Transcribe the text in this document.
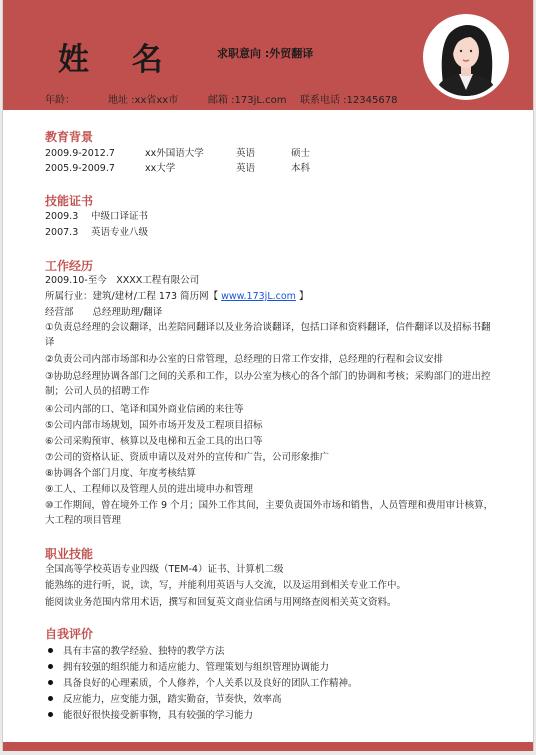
姓 名	求职意向 :外贸翻译
年龄：	地址 :xx省xx市	邮箱 :173jL.com 联系电话 :12345678
教育背景
2009.9-2012.7	xx外国语大学	英语	硕士
2005.9-2009.7	xx大学	英语	本科
技能证书
2009.3 中级口译证书
2007.3 英语专业八级
工作经历
2009.10-至今　XXXX工程有限公司
所属行业：建筑/建材/工程 173 简历网【 www.173jL.com 】
经营部　　总经理助理/翻译
①负责总经理的会议翻译，出差陪同翻译以及业务洽谈翻译，包括口译和资料翻译，信件翻译以及招标书翻译
②负责公司内部市场部和办公室的日常管理，总经理的日常工作安排，总经理的行程和会议安排
③协助总经理协调各部门之间的关系和工作，以办公室为核心的各个部门的协调和考核；采购部门的进出控制；公司人员的招聘工作
④公司内部的口、笔译和国外商业信函的来往等
⑤公司内部市场规划，国外市场开发及工程项目招标
⑥公司采购预审、核算以及电梯和五金工具的出口等
⑦公司的资格认证、资质申请以及对外的宣传和广告，公司形象推广
⑧协调各个部门月度、年度考核结算
⑨工人、工程师以及管理人员的进出境申办和管理
⑩工作期间，曾在境外工作 9 个月；国外工作其间，主要负责国外市场和销售，人员管理和费用审计核算，大工程的项目管理
职业技能
全国高等学校英语专业四级（TEM-4）证书、计算机二级
能熟练的进行听，说，读，写，并能利用英语与人交流，以及运用到相关专业工作中。
能阅读业务范围内常用术语，撰写和回复英文商业信函与用网络查阅相关英文资料。
自我评价
具有丰富的教学经验、独特的教学方法
拥有较强的组织能力和适应能力、管理策划与组织管理协调能力
具备良好的心理素质，个人修养，个人关系以及良好的团队工作精神。
反应能力，应变能力强，踏实勤奋，节奏快，效率高
能很好很快接受新事物，具有较强的学习能力
